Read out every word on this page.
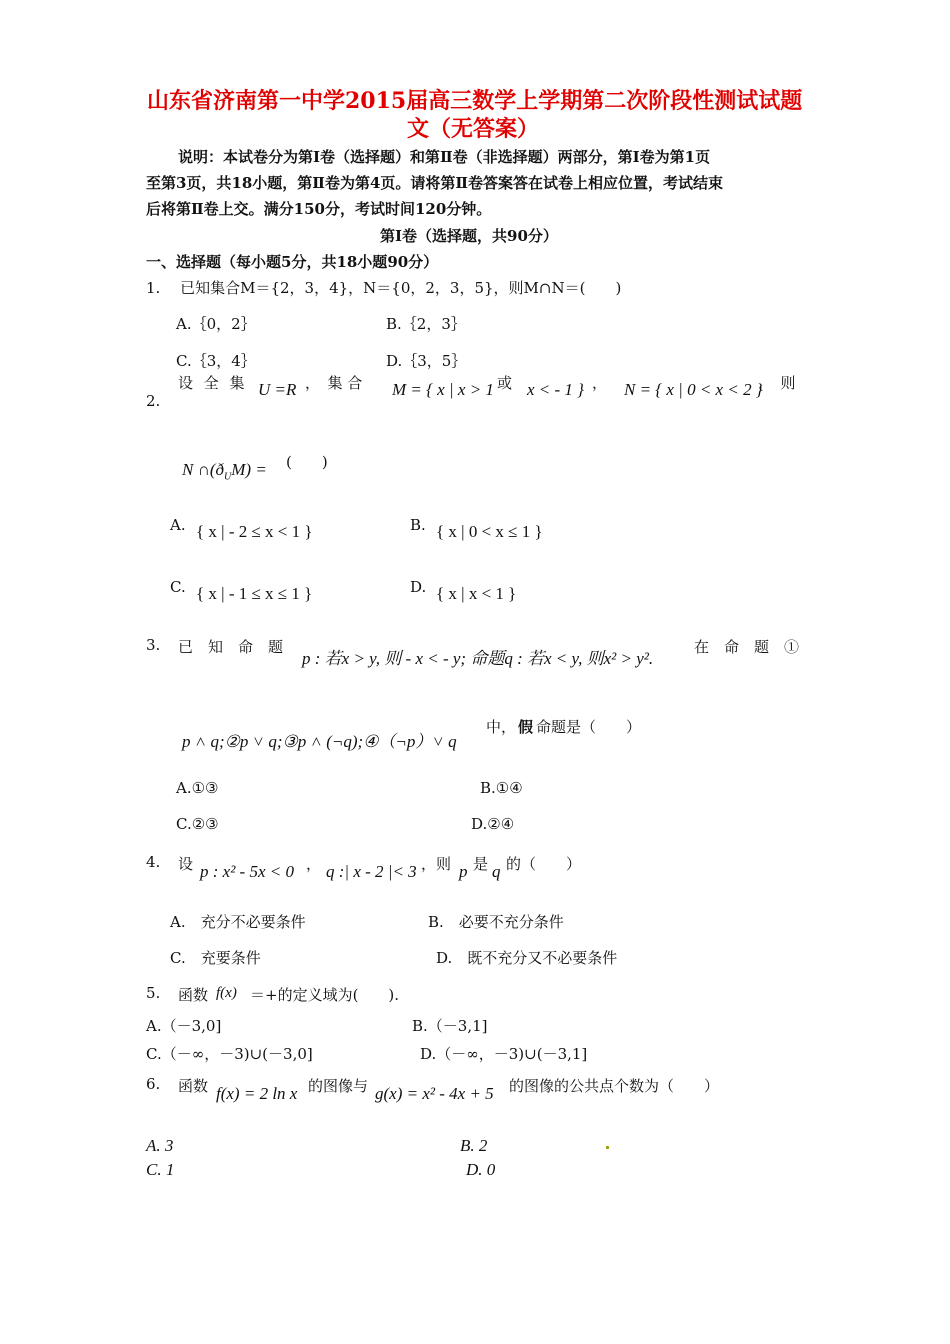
山东省济南第一中学2015届高三数学上学期第二次阶段性测试试题
文（无答案）
说明：本试卷分为第Ⅰ卷（选择题）和第Ⅱ卷（非选择题）两部分，第Ⅰ卷为第1页
至第3页，共18小题，第Ⅱ卷为第4页。请将第Ⅱ卷答案答在试卷上相应位置，考试结束
后将第Ⅱ卷上交。满分150分，考试时间120分钟。
第Ⅰ卷（选择题，共90分）
一、选择题（每小题5分，共18小题90分）
1.　 已知集合M＝{2，3，4}，N＝{0，2，3，5}，则M∩N＝(　　)
A.｛0，2｝	B.｛2，3｝
C.｛3，4｝	D.｛3，5｝
2.
设 全 集 U =R ，　集 合 M = { x | x > 1 或 x < - 1 } ， N = { x | 0 < x < 2 }
，　则
N $\cap(ð_UM)$ = (　　)
A. { x | - 2 ≤ x < 1 }	B. { x | 0 < x ≤ 1 }
C. { x | - 1 ≤ x ≤ 1 }	D. { x | x < 1 }
3. 已　知　命　题
p : 若x > y, 则 - x < - y; 命题q : 若x < y, 则x² > y².
在　命　题　①
p ˄ q;②p ˅ q;③p ˄ (¬q);④（¬p）˅ q
中， 假 命题是（　　）
A.①③	B.①④
C.②③	D.②④
4. 设 p : x² - 5x < 0 ， q :| x - 2 |< 3 ，则 p 是 q 的（　　）
A.　充分不必要条件	B.　必要不充分条件
C.　充要条件	D.　既不充分又不必要条件
5. 函数 f(x) ＝+的定义域为(　　).
A.（－3,0]	B.（－3,1]
C.（－∞，－3)∪(－3,0]	D.（－∞，－3)∪(－3,1]
6. 函数 f(x) = 2 ln x 的图像与 g(x) = x² - 4x + 5 的图像的公共点个数为（　　）
A. 3	B. 2
C. 1	D. 0
